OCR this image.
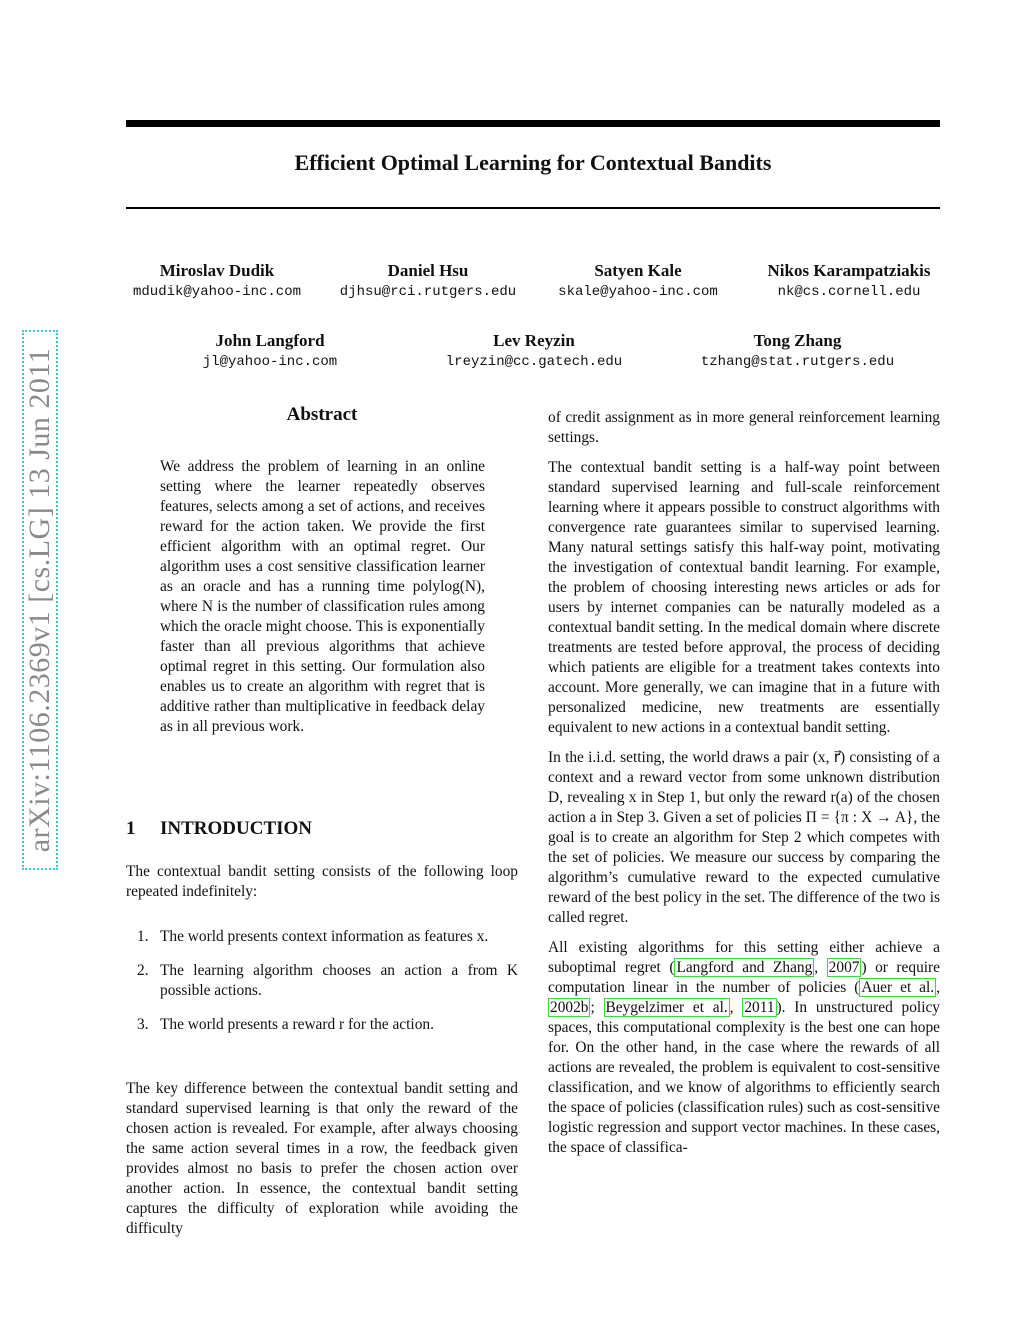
arXiv:1106.2369v1 [cs.LG] 13 Jun 2011
Efficient Optimal Learning for Contextual Bandits
Miroslav Dudik
mdudik@yahoo-inc.com
Daniel Hsu
djhsu@rci.rutgers.edu
Satyen Kale
skale@yahoo-inc.com
Nikos Karampatziakis
nk@cs.cornell.edu
John Langford
jl@yahoo-inc.com
Lev Reyzin
lreyzin@cc.gatech.edu
Tong Zhang
tzhang@stat.rutgers.edu
Abstract
We address the problem of learning in an online setting where the learner repeatedly observes features, selects among a set of actions, and receives reward for the action taken. We provide the first efficient algorithm with an optimal regret. Our algorithm uses a cost sensitive classification learner as an oracle and has a running time polylog(N), where N is the number of classification rules among which the oracle might choose. This is exponentially faster than all previous algorithms that achieve optimal regret in this setting. Our formulation also enables us to create an algorithm with regret that is additive rather than multiplicative in feedback delay as in all previous work.
1 INTRODUCTION
The contextual bandit setting consists of the following loop repeated indefinitely:
1. The world presents context information as features x.
2. The learning algorithm chooses an action a from K possible actions.
3. The world presents a reward r for the action.
The key difference between the contextual bandit setting and standard supervised learning is that only the reward of the chosen action is revealed. For example, after always choosing the same action several times in a row, the feedback given provides almost no basis to prefer the chosen action over another action. In essence, the contextual bandit setting captures the difficulty of exploration while avoiding the difficulty

of credit assignment as in more general reinforcement learning settings.

The contextual bandit setting is a half-way point between standard supervised learning and full-scale reinforcement learning where it appears possible to construct algorithms with convergence rate guarantees similar to supervised learning. Many natural settings satisfy this half-way point, motivating the investigation of contextual bandit learning. For example, the problem of choosing interesting news articles or ads for users by internet companies can be naturally modeled as a contextual bandit setting. In the medical domain where discrete treatments are tested before approval, the process of deciding which patients are eligible for a treatment takes contexts into account. More generally, we can imagine that in a future with personalized medicine, new treatments are essentially equivalent to new actions in a contextual bandit setting.

In the i.i.d. setting, the world draws a pair (x, r⃗) consisting of a context and a reward vector from some unknown distribution D, revealing x in Step 1, but only the reward r(a) of the chosen action a in Step 3. Given a set of policies Π = {π : X → A}, the goal is to create an algorithm for Step 2 which competes with the set of policies. We measure our success by comparing the algorithm’s cumulative reward to the expected cumulative reward of the best policy in the set. The difference of the two is called regret.

All existing algorithms for this setting either achieve a suboptimal regret ( Langford and Zhang , 2007 ) or require computation linear in the number of policies ( Auer et al. , 2002b ; Beygelzimer et al. , 2011 ). In unstructured policy spaces, this computational complexity is the best one can hope for. On the other hand, in the case where the rewards of all actions are revealed, the problem is equivalent to cost-sensitive classification, and we know of algorithms to efficiently search the space of policies (classification rules) such as cost-sensitive logistic regression and support vector machines. In these cases, the space of classifica-
